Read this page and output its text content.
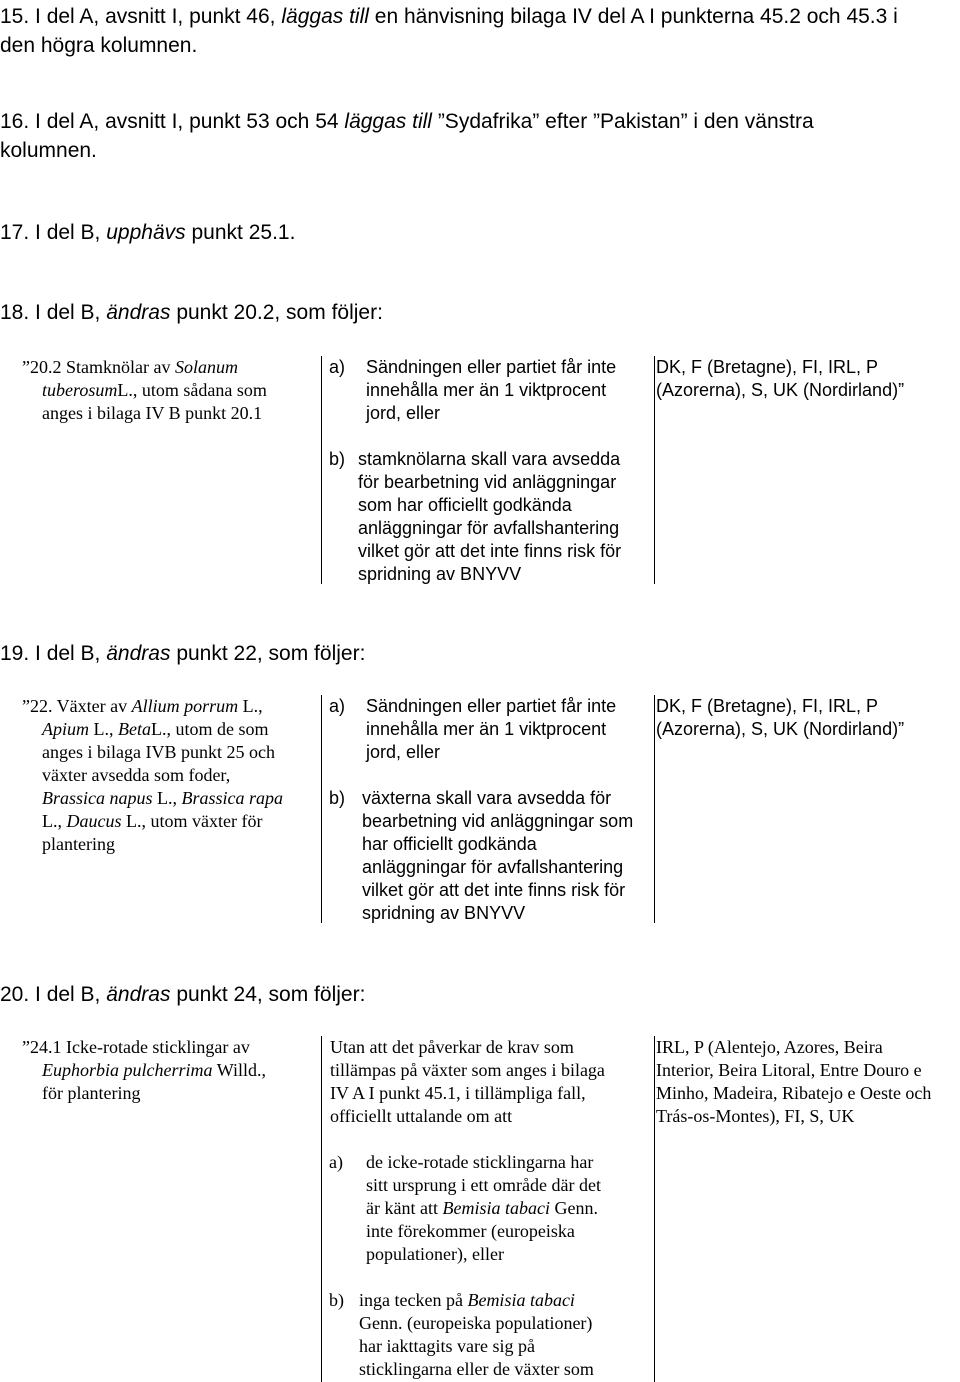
15. I del A, avsnitt I, punkt 46, läggas till en hänvisning bilaga IV del A I punkterna 45.2 och 45.3 i
den högra kolumnen.
16. I del A, avsnitt I, punkt 53 och 54 läggas till ”Sydafrika” efter ”Pakistan” i den vänstra
kolumnen.
17. I del B, upphävs punkt 25.1.
18. I del B, ändras punkt 20.2, som följer:
”20.2 Stamknölar av Solanum
tuberosumL., utom sådana som
anges i bilaga IV B punkt 20.1
a) Sändningen eller partiet får inte
innehålla mer än 1 viktprocent
jord, eller
b) stamknölarna skall vara avsedda
för bearbetning vid anläggningar
som har officiellt godkända
anläggningar för avfallshantering
vilket gör att det inte finns risk för
spridning av BNYVV
DK, F (Bretagne), FI, IRL, P
(Azorerna), S, UK (Nordirland)”
19. I del B, ändras punkt 22, som följer:
”22. Växter av Allium porrum L.,
Apium L., BetaL., utom de som
anges i bilaga IVB punkt 25 och
växter avsedda som foder,
Brassica napus L., Brassica rapa
L., Daucus L., utom växter för
plantering
a) Sändningen eller partiet får inte
innehålla mer än 1 viktprocent
jord, eller
b) växterna skall vara avsedda för
bearbetning vid anläggningar som
har officiellt godkända
anläggningar för avfallshantering
vilket gör att det inte finns risk för
spridning av BNYVV
DK, F (Bretagne), FI, IRL, P
(Azorerna), S, UK (Nordirland)”
20. I del B, ändras punkt 24, som följer:
”24.1 Icke-rotade sticklingar av
Euphorbia pulcherrima Willd.,
för plantering
Utan att det påverkar de krav som
tillämpas på växter som anges i bilaga
IV A I punkt 45.1, i tillämpliga fall,
officiellt uttalande om att
a) de icke-rotade sticklingarna har
sitt ursprung i ett område där det
är känt att Bemisia tabaci Genn.
inte förekommer (europeiska
populationer), eller
b) inga tecken på Bemisia tabaci
Genn. (europeiska populationer)
har iakttagits vare sig på
sticklingarna eller de växter som
IRL, P (Alentejo, Azores, Beira
Interior, Beira Litoral, Entre Douro e
Minho, Madeira, Ribatejo e Oeste och
Trás-os-Montes), FI, S, UK
